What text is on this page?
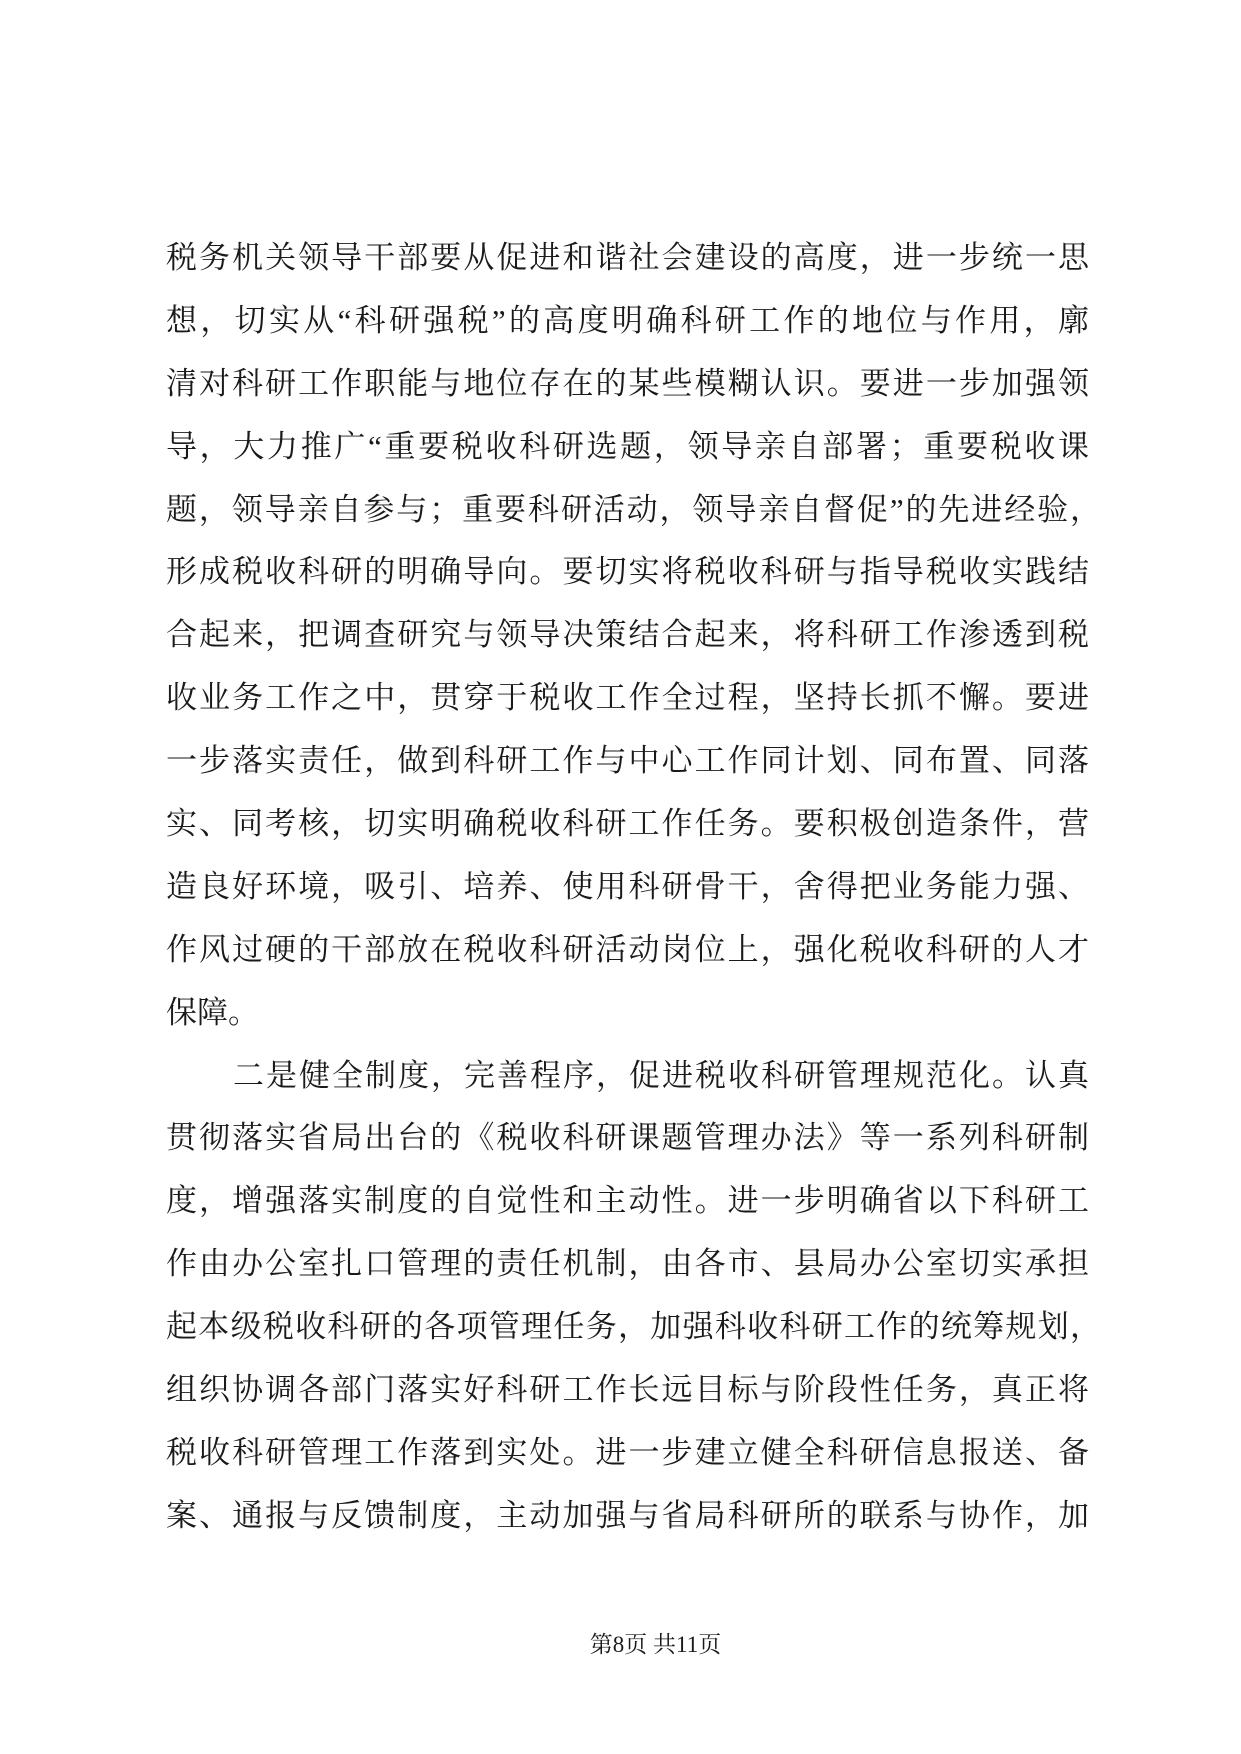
税务机关领导干部要从促进和谐社会建设的高度，进一步统一思
想，切实从“科研强税”的高度明确科研工作的地位与作用，廓
清对科研工作职能与地位存在的某些模糊认识。要进一步加强领
导，大力推广“重要税收科研选题，领导亲自部署；重要税收课
题，领导亲自参与；重要科研活动，领导亲自督促”的先进经验，
形成税收科研的明确导向。要切实将税收科研与指导税收实践结
合起来，把调查研究与领导决策结合起来，将科研工作渗透到税
收业务工作之中，贯穿于税收工作全过程，坚持长抓不懈。要进
一步落实责任，做到科研工作与中心工作同计划、同布置、同落
实、同考核，切实明确税收科研工作任务。要积极创造条件，营
造良好环境，吸引、培养、使用科研骨干，舍得把业务能力强、
作风过硬的干部放在税收科研活动岗位上，强化税收科研的人才
保障。
二是健全制度，完善程序，促进税收科研管理规范化。认真
贯彻落实省局出台的《税收科研课题管理办法》等一系列科研制
度，增强落实制度的自觉性和主动性。进一步明确省以下科研工
作由办公室扎口管理的责任机制，由各市、县局办公室切实承担
起本级税收科研的各项管理任务，加强科收科研工作的统筹规划，
组织协调各部门落实好科研工作长远目标与阶段性任务，真正将
税收科研管理工作落到实处。进一步建立健全科研信息报送、备
案、通报与反馈制度，主动加强与省局科研所的联系与协作，加
第8页 共11页
